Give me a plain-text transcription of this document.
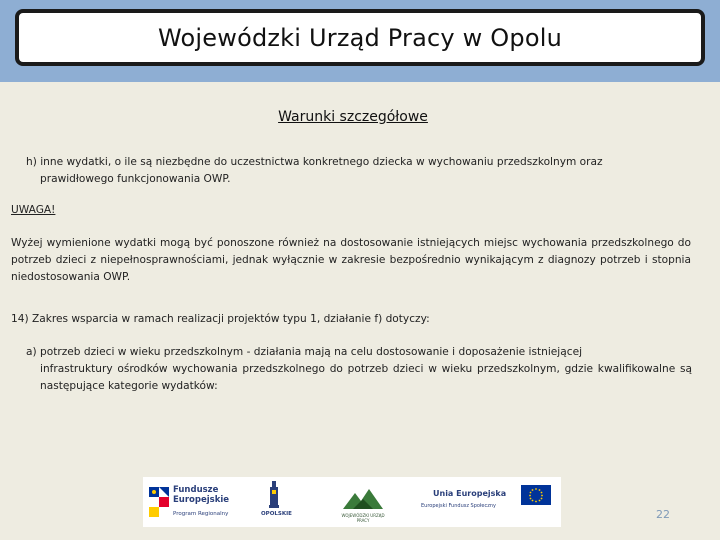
Wojewódzki Urząd Pracy w Opolu
Warunki szczegółowe
h) inne wydatki, o ile są niezbędne do uczestnictwa konkretnego dziecka w wychowaniu przedszkolnym oraz
prawidłowego funkcjonowania OWP.
UWAGA!
Wyżej wymienione wydatki mogą być ponoszone również na dostosowanie istniejących miejsc wychowania przedszkolnego do potrzeb dzieci z niepełnosprawnościami, jednak wyłącznie w zakresie bezpośrednio wynikającym z diagnozy potrzeb i stopnia niedostosowania OWP.
14) Zakres wsparcia w ramach realizacji projektów typu 1, działanie f) dotyczy:
a) potrzeb dzieci w wieku przedszkolnym - działania mają na celu dostosowanie i doposażenie istniejącej
infrastruktury ośrodków wychowania przedszkolnego do potrzeb dzieci w wieku przedszkolnym, gdzie kwalifikowalne są następujące kategorie wydatków:
Fundusze Europejskie
Program Regionalny	OPOLSKIE	WOJEWÓDZKI URZĄD PRACY
Unia Europejska
Europejski Fundusz Społeczny
22
